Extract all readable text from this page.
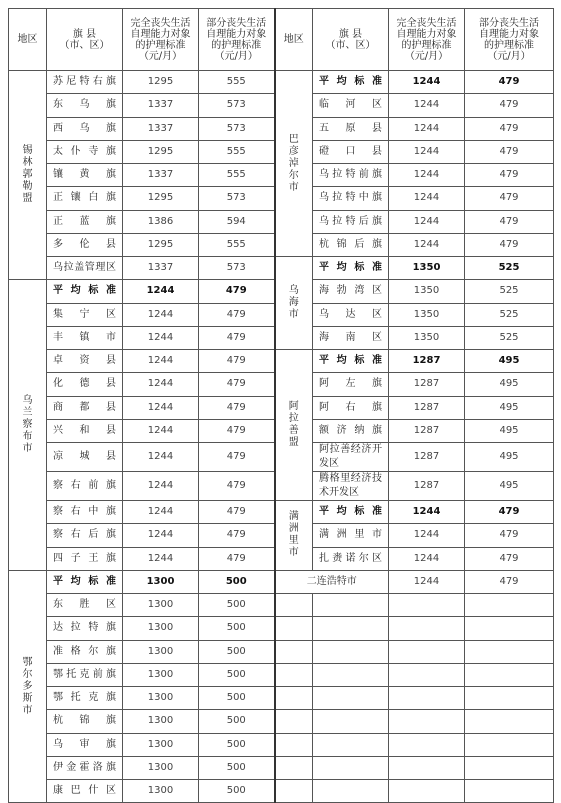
地区	旗 县
（市、区）	完全丧失生活
自理能力对象
的护理标准
（元/月）	部分丧失生活
自理能力对象
的护理标准
（元/月）	地区	旗 县
（市、区）	完全丧失生活
自理能力对象
的护理标准
（元/月）	部分丧失生活
自理能力对象
的护理标准
（元/月）

锡林郭勒盟	苏尼特右旗	1295	555	巴彦淖尔市	平均标准	1244	479
	东 乌 旗	1337	573		临 河 区	1244	479
	西 乌 旗	1337	573		五 原 县	1244	479
	太仆寺旗	1295	555		磴 口 县	1244	479
	镶 黄 旗	1337	555		乌拉特前旗	1244	479
	正镶白旗	1295	573		乌拉特中旗	1244	479
	正 蓝 旗	1386	594		乌拉特后旗	1244	479
	多 伦 县	1295	555		杭锦后旗	1244	479
	乌拉盖管理区	1337	573	乌海市	平均标准	1350	525

乌兰察布市	平均标准	1244	479		海勃湾区	1350	525
	集 宁 区	1244	479		乌 达 区	1350	525
	丰 镇 市	1244	479		海 南 区	1350	525
	卓 资 县	1244	479	阿拉善盟	平均标准	1287	495
	化 德 县	1244	479		阿 左 旗	1287	495
	商 都 县	1244	479		阿 右 旗	1287	495
	兴 和 县	1244	479		额济纳旗	1287	495
	凉 城 县	1244	479		阿拉善经济开发区	1287	495
	察右前旗	1244	479		腾格里经济技术开发区	1287	495
	察右中旗	1244	479	满洲里市	平均标准	1244	479
	察右后旗	1244	479		满洲里市	1244	479
	四子王旗	1244	479		扎赉诺尔区	1244	479

鄂尔多斯市	平均标准	1300	500	二连浩特市		1244	479
	东 胜 区	1300	500				
	达拉特旗	1300	500				
	准格尔旗	1300	500				
	鄂托克前旗	1300	500				
	鄂托克旗	1300	500				
	杭 锦 旗	1300	500				
	乌 审 旗	1300	500				
	伊金霍洛旗	1300	500				
	康巴什区	1300	500				
